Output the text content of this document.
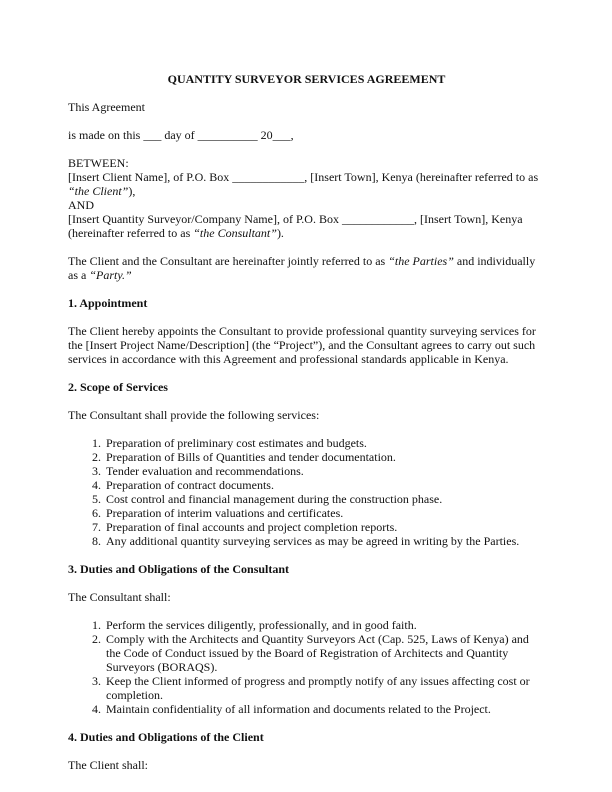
QUANTITY SURVEYOR SERVICES AGREEMENT

This Agreement

is made on this ___ day of __________ 20___,

BETWEEN:
[Insert Client Name], of P.O. Box ____________, [Insert Town], Kenya (hereinafter referred to as “the Client”),
AND
[Insert Quantity Surveyor/Company Name], of P.O. Box ____________, [Insert Town], Kenya (hereinafter referred to as “the Consultant”).

The Client and the Consultant are hereinafter jointly referred to as “the Parties” and individually as a “Party.”

1. Appointment

The Client hereby appoints the Consultant to provide professional quantity surveying services for the [Insert Project Name/Description] (the “Project”), and the Consultant agrees to carry out such services in accordance with this Agreement and professional standards applicable in Kenya.

2. Scope of Services

The Consultant shall provide the following services:

1. Preparation of preliminary cost estimates and budgets.
2. Preparation of Bills of Quantities and tender documentation.
3. Tender evaluation and recommendations.
4. Preparation of contract documents.
5. Cost control and financial management during the construction phase.
6. Preparation of interim valuations and certificates.
7. Preparation of final accounts and project completion reports.
8. Any additional quantity surveying services as may be agreed in writing by the Parties.
3. Duties and Obligations of the Consultant

The Consultant shall:

1. Perform the services diligently, professionally, and in good faith.
2. Comply with the Architects and Quantity Surveyors Act (Cap. 525, Laws of Kenya) and the Code of Conduct issued by the Board of Registration of Architects and Quantity Surveyors (BORAQS).
3. Keep the Client informed of progress and promptly notify of any issues affecting cost or completion.
4. Maintain confidentiality of all information and documents related to the Project.
4. Duties and Obligations of the Client

The Client shall:
